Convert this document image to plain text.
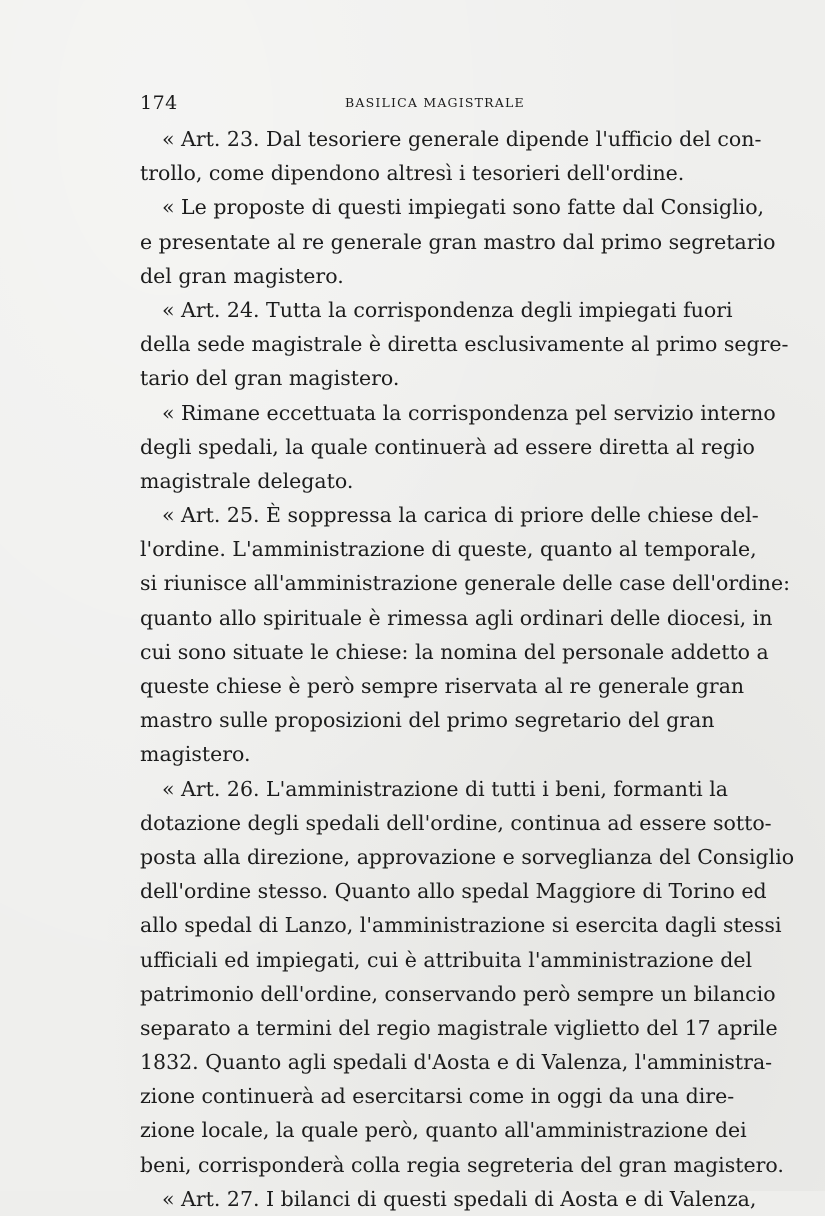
174	BASILICA MAGISTRALE
« Art. 23. Dal tesoriere generale dipende l'ufficio del con-
trollo, come dipendono altresì i tesorieri dell'ordine.
« Le proposte di questi impiegati sono fatte dal Consiglio,
e presentate al re generale gran mastro dal primo segretario
del gran magistero.
« Art. 24. Tutta la corrispondenza degli impiegati fuori
della sede magistrale è diretta esclusivamente al primo segre-
tario del gran magistero.
« Rimane eccettuata la corrispondenza pel servizio interno
degli spedali, la quale continuerà ad essere diretta al regio
magistrale delegato.
« Art. 25. È soppressa la carica di priore delle chiese del-
l'ordine. L'amministrazione di queste, quanto al temporale,
si riunisce all'amministrazione generale delle case dell'ordine:
quanto allo spirituale è rimessa agli ordinari delle diocesi, in
cui sono situate le chiese: la nomina del personale addetto a
queste chiese è però sempre riservata al re generale gran
mastro sulle proposizioni del primo segretario del gran
magistero.
« Art. 26. L'amministrazione di tutti i beni, formanti la
dotazione degli spedali dell'ordine, continua ad essere sotto-
posta alla direzione, approvazione e sorveglianza del Consiglio
dell'ordine stesso. Quanto allo spedal Maggiore di Torino ed
allo spedal di Lanzo, l'amministrazione si esercita dagli stessi
ufficiali ed impiegati, cui è attribuita l'amministrazione del
patrimonio dell'ordine, conservando però sempre un bilancio
separato a termini del regio magistrale viglietto del 17 aprile
1832. Quanto agli spedali d'Aosta e di Valenza, l'amministra-
zione continuerà ad esercitarsi come in oggi da una dire-
zione locale, la quale però, quanto all'amministrazione dei
beni, corrisponderà colla regia segreteria del gran magistero.
« Art. 27. I bilanci di questi spedali di Aosta e di Valenza,
